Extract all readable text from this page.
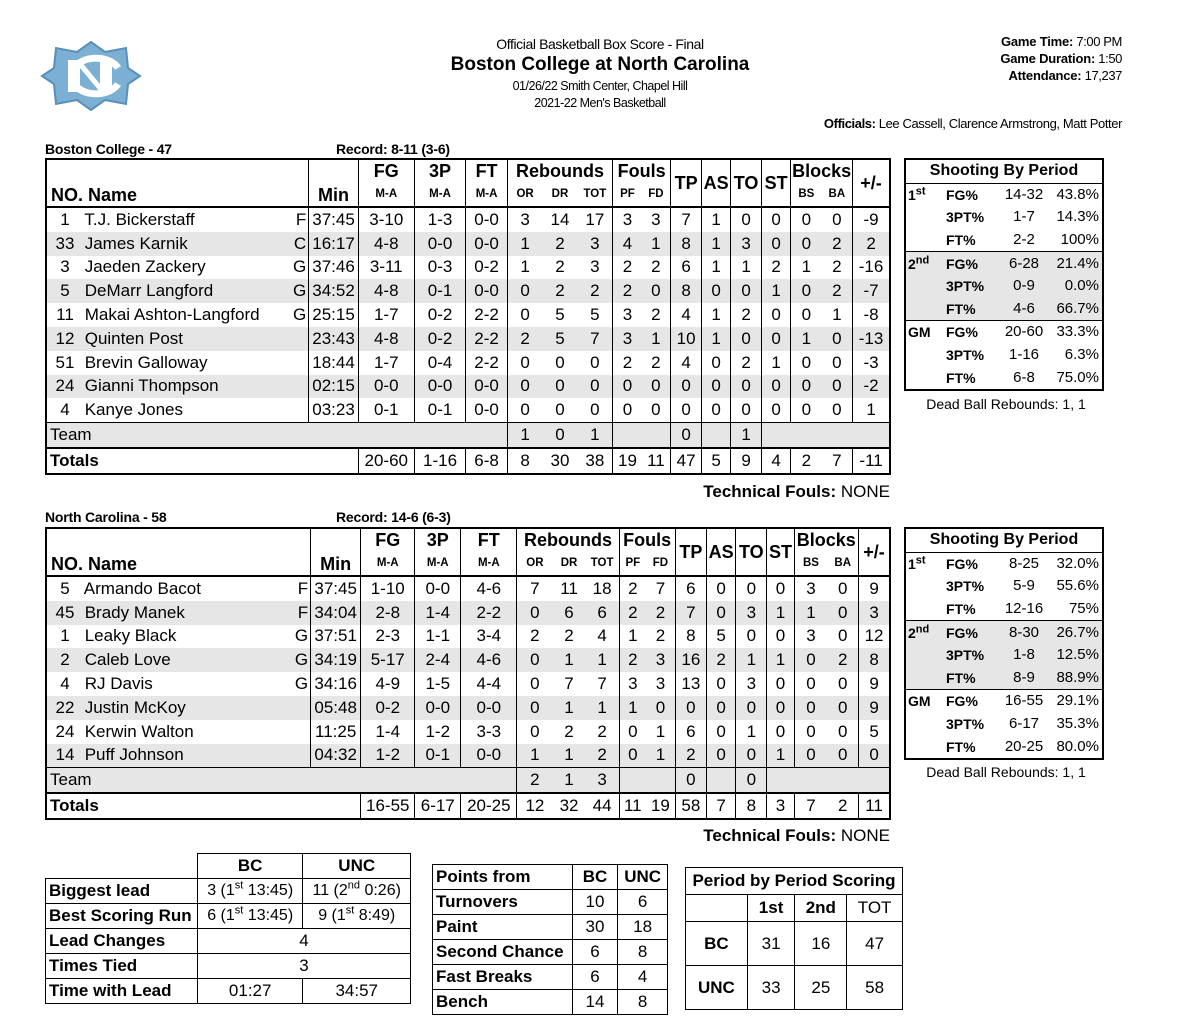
Official Basketball Box Score - Final
Boston College at North Carolina
01/26/22 Smith Center, Chapel Hill
2021-22 Men's Basketball
Game Time: 7:00 PM
Game Duration: 1:50
Attendance: 17,237
Officials: Lee Cassell, Clarence Armstrong, Matt Potter
Boston College - 47	Record: 8-11 (3-6)
NO. Name	Min	FG	3P	FT	Rebounds			Fouls		TP	AS	TO	ST	Blocks		+/-
		M-A	M-A	M-A	OR	DR	TOT	PF	FD					BS	BA	

1 T.J. Bickerstaff F	37:45	3-10	1-3	0-0	3	14	17	3	3	7	1	0	0	0	0	-9

33 James Karnik C	16:17	4-8	0-0	0-0	1	2	3	4	1	8	1	3	0	0	2	2

3 Jaeden Zackery G	37:46	3-11	0-3	0-2	1	2	3	2	2	6	1	1	2	1	2	-16

5 DeMarr Langford G	34:52	4-8	0-1	0-0	0	2	2	2	0	8	0	0	1	0	2	-7

11 Makai Ashton-Langford G	25:15	1-7	0-2	2-2	0	5	5	3	2	4	1	2	0	0	1	-8

12 Quinten Post	23:43	4-8	0-2	2-2	2	5	7	3	1	10	1	0	0	1	0	-13

51 Brevin Galloway	18:44	1-7	0-4	2-2	0	0	0	2	2	4	0	2	1	0	0	-3

24 Gianni Thompson	02:15	0-0	0-0	0-0	0	0	0	0	0	0	0	0	0	0	0	-2

4 Kanye Jones	03:23	0-1	0-1	0-0	0	0	0	0	0	0	0	0	0	0	0	1
Team					1	0	1			0		1				
Totals		20-60	1-16	6-8	8	30	38	19	11	47	5	9	4	2	7	-11
Technical Fouls: NONE
Shooting By Period			
1st	FG%	14-32	43.8%
	3PT%	1-7	14.3%
	FT%	2-2	100%
2nd	FG%	6-28	21.4%
	3PT%	0-9	0.0%
	FT%	4-6	66.7%
GM	FG%	20-60	33.3%
	3PT%	1-16	6.3%
	FT%	6-8	75.0%
Dead Ball Rebounds: 1, 1
North Carolina - 58	Record: 14-6 (6-3)
NO. Name	Min	FG	3P	FT	Rebounds			Fouls		TP	AS	TO	ST	Blocks		+/-
		M-A	M-A	M-A	OR	DR	TOT	PF	FD					BS	BA	

5 Armando Bacot F	37:45	1-10	0-0	4-6	7	11	18	2	7	6	0	0	0	3	0	9

45 Brady Manek F	34:04	2-8	1-4	2-2	0	6	6	2	2	7	0	3	1	1	0	3

1 Leaky Black G	37:51	2-3	1-1	3-4	2	2	4	1	2	8	5	0	0	3	0	12

2 Caleb Love G	34:19	5-17	2-4	4-6	0	1	1	2	3	16	2	1	1	0	2	8

4 RJ Davis G	34:16	4-9	1-5	4-4	0	7	7	3	3	13	0	3	0	0	0	9

22 Justin McKoy	05:48	0-2	0-0	0-0	0	1	1	1	0	0	0	0	0	0	0	9

24 Kerwin Walton	11:25	1-4	1-2	3-3	0	2	2	0	1	6	0	1	0	0	0	5

14 Puff Johnson	04:32	1-2	0-1	0-0	1	1	2	0	1	2	0	0	1	0	0	0
Team					2	1	3			0		0				
Totals		16-55	6-17	20-25	12	32	44	11	19	58	7	8	3	7	2	11
Technical Fouls: NONE
Shooting By Period			
1st	FG%	8-25	32.0%
	3PT%	5-9	55.6%
	FT%	12-16	75%
2nd	FG%	8-30	26.7%
	3PT%	1-8	12.5%
	FT%	8-9	88.9%
GM	FG%	16-55	29.1%
	3PT%	6-17	35.3%
	FT%	20-25	80.0%
Dead Ball Rebounds: 1, 1
	BC	UNC
Biggest lead	3 (1st 13:45)	11 (2nd 0:26)
Best Scoring Run	6 (1st 13:45)	9 (1st 8:49)
Lead Changes	4	
Times Tied	3	
Time with Lead	01:27	34:57
Points from	BC	UNC
Turnovers	10	6
Paint	30	18
Second Chance	6	8
Fast Breaks	6	4
Bench	14	8
Period by Period Scoring			
	1st	2nd	TOT
BC	31	16	47
UNC	33	25	58
